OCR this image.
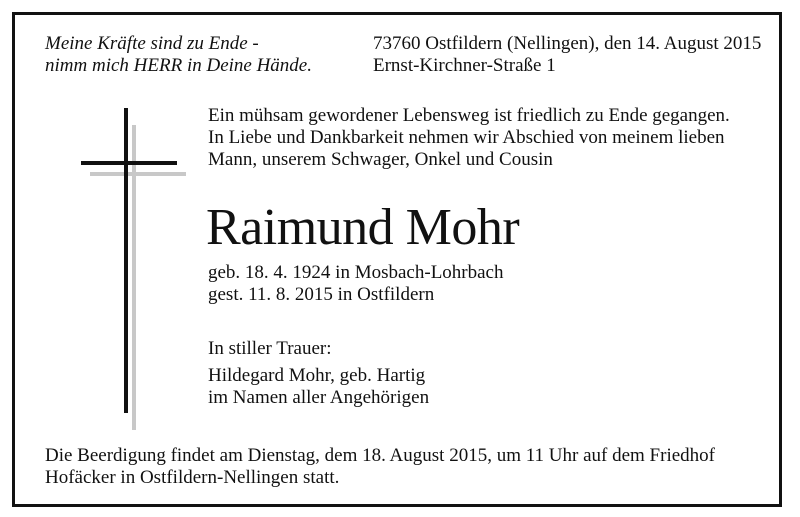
Meine Kräfte sind zu Ende -
nimm mich HERR in Deine Hände.
73760 Ostfildern (Nellingen), den 14. August 2015
Ernst-Kirchner-Straße 1
Ein mühsam gewordener Lebensweg ist friedlich zu Ende gegangen.
In Liebe und Dankbarkeit nehmen wir Abschied von meinem lieben
Mann, unserem Schwager, Onkel und Cousin
Raimund Mohr
geb. 18. 4. 1924 in Mosbach-Lohrbach
gest. 11. 8. 2015 in Ostfildern
In stiller Trauer:
Hildegard Mohr, geb. Hartig
im Namen aller Angehörigen
Die Beerdigung findet am Dienstag, dem 18. August 2015, um 11 Uhr auf dem Friedhof
Hofäcker in Ostfildern-Nellingen statt.
